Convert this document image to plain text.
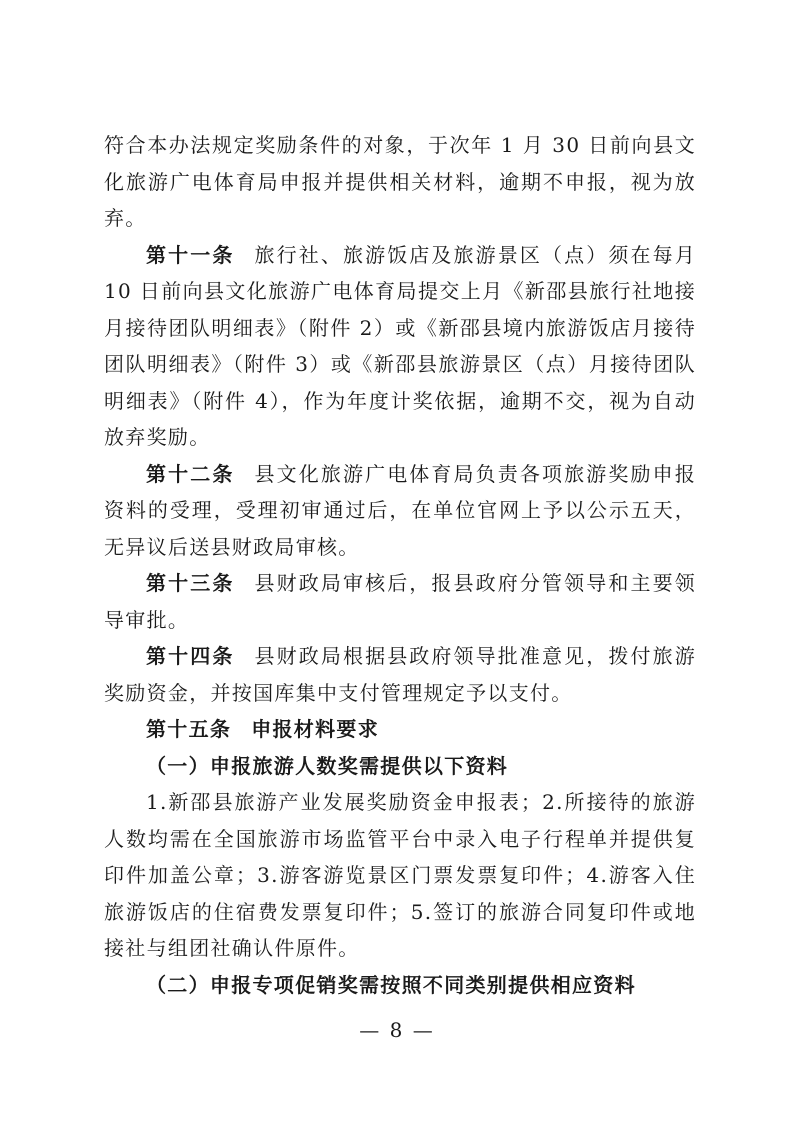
符合本办法规定奖励条件的对象，于次年 1 月 30 日前向县文化旅游广电体育局申报并提供相关材料，逾期不申报，视为放弃。

第十一条 旅行社、旅游饭店及旅游景区（点）须在每月 10 日前向县文化旅游广电体育局提交上月《新邵县旅行社地接月接待团队明细表》（附件 2）或《新邵县境内旅游饭店月接待团队明细表》（附件 3）或《新邵县旅游景区（点）月接待团队明细表》（附件 4），作为年度计奖依据，逾期不交，视为自动放弃奖励。

第十二条 县文化旅游广电体育局负责各项旅游奖励申报资料的受理，受理初审通过后，在单位官网上予以公示五天，无异议后送县财政局审核。

第十三条 县财政局审核后，报县政府分管领导和主要领导审批。

第十四条 县财政局根据县政府领导批准意见，拨付旅游奖励资金，并按国库集中支付管理规定予以支付。

第十五条 申报材料要求

（一）申报旅游人数奖需提供以下资料

1.新邵县旅游产业发展奖励资金申报表；2.所接待的旅游人数均需在全国旅游市场监管平台中录入电子行程单并提供复印件加盖公章；3.游客游览景区门票发票复印件；4.游客入住旅游饭店的住宿费发票复印件；5.签订的旅游合同复印件或地接社与组团社确认件原件。

（二）申报专项促销奖需按照不同类别提供相应资料

— 8 —
